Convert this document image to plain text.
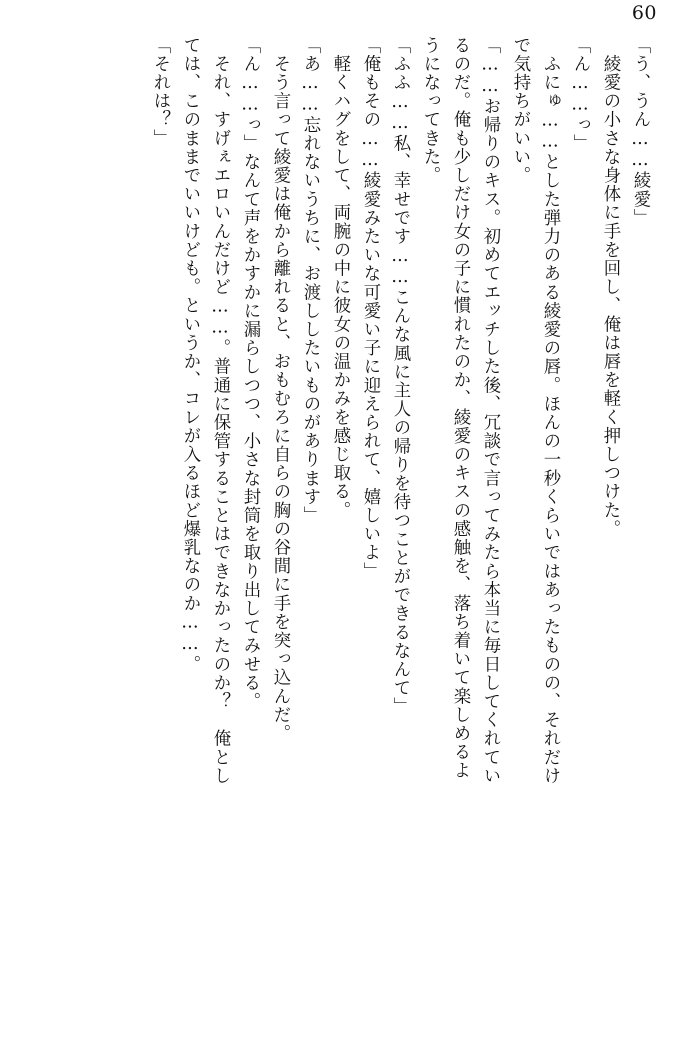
60
「う、うん……綾愛」
　綾愛の小さな身体に手を回し、俺は唇を軽く押しつけた。
「ん……っ」
　ふにゅ……とした弾力のある綾愛の唇。ほんの一秒くらいではあったものの、それだけ
で気持ちがいい。
「……お帰りのキス。初めてエッチした後、冗談で言ってみたら本当に毎日してくれてい
るのだ。俺も少しだけ女の子に慣れたのか、綾愛のキスの感触を、落ち着いて楽しめるよ
うになってきた。
「ふふ……私、幸せです……こんな風に主人の帰りを待つことができるなんて」
「俺もその……綾愛みたいな可愛い子に迎えられて、嬉しいよ」
　軽くハグをして、両腕の中に彼女の温かみを感じ取る。
「あ……忘れないうちに、お渡ししたいものがあります」
　そう言って綾愛は俺から離れると、おもむろに自らの胸の谷間に手を突っ込んだ。
「ん……っ」なんて声をかすかに漏らしつつ、小さな封筒を取り出してみせる。
　それ、すげぇエロいんだけど……。普通に保管することはできなかったのか？　俺とし
ては、このままでいいけども。というか、コレが入るほど爆乳なのか……。
「それは？」
